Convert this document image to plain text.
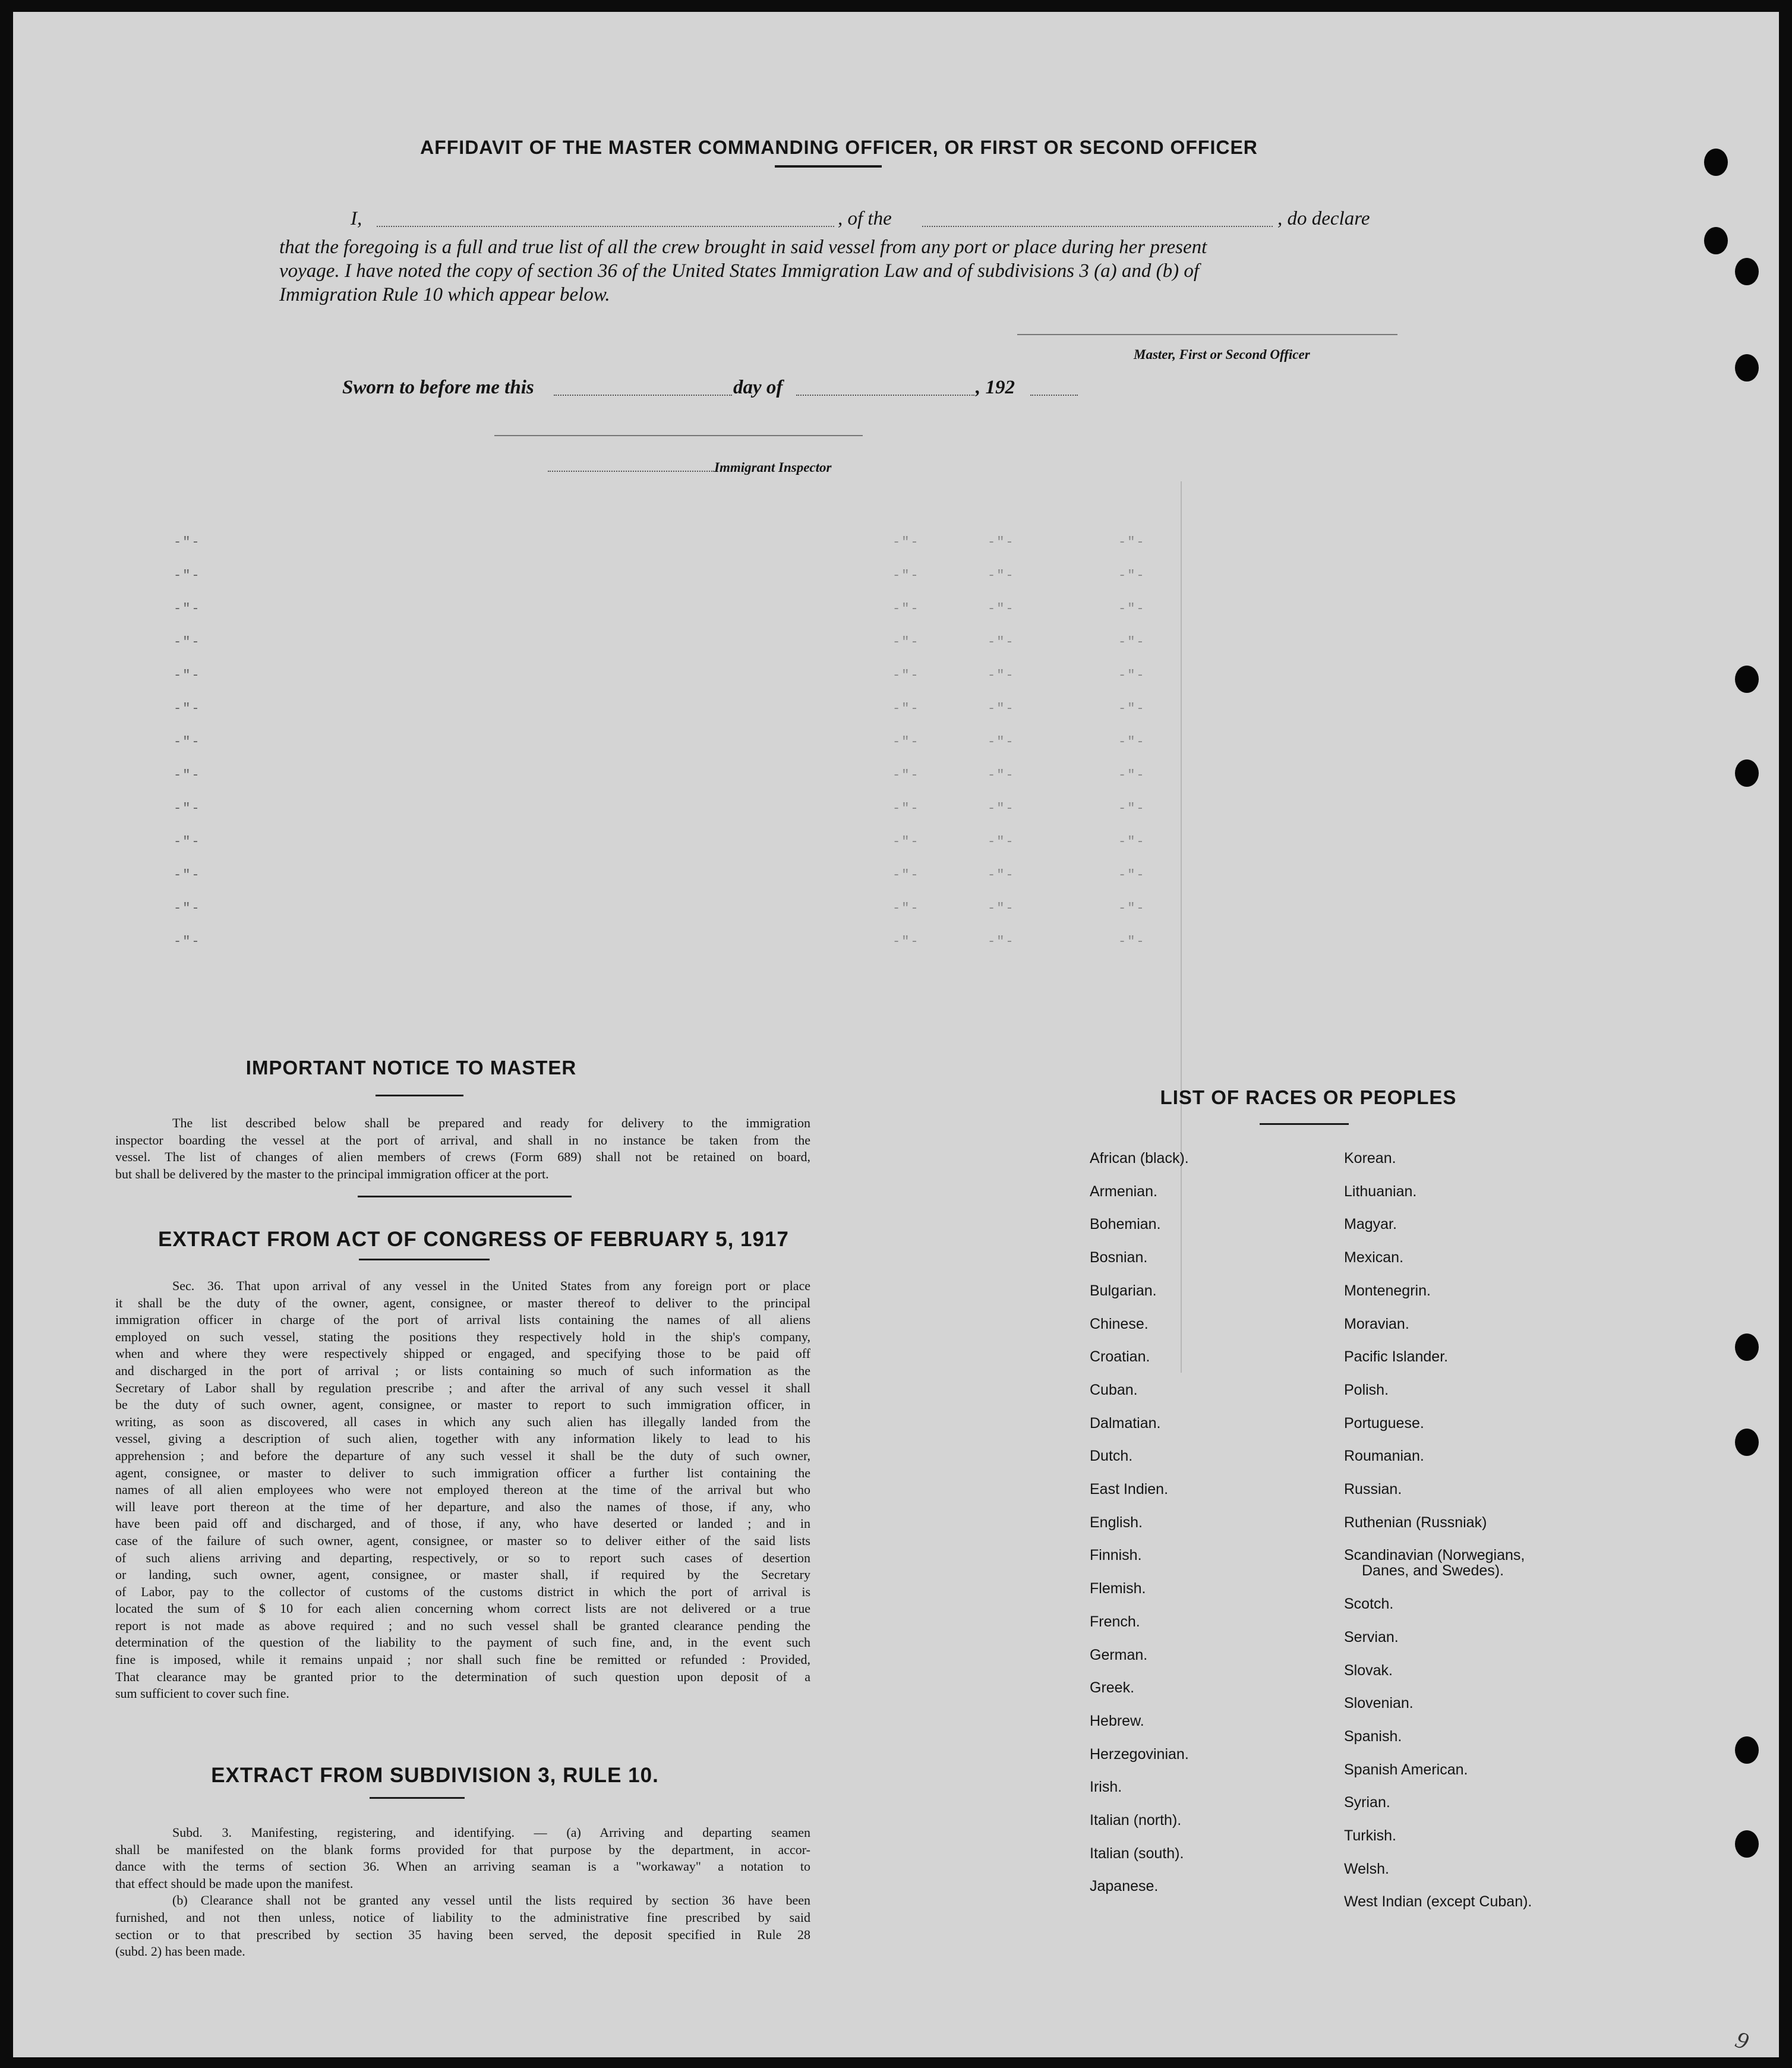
-"-	-"-	-"-	-"-
-"-	-"-	-"-	-"-
-"-	-"-	-"-	-"-
-"-	-"-	-"-	-"-
-"-	-"-	-"-	-"-
-"-	-"-	-"-	-"-
-"-	-"-	-"-	-"-
-"-	-"-	-"-	-"-
-"-	-"-	-"-	-"-
-"-	-"-	-"-	-"-
-"-	-"-	-"-	-"-
-"-	-"-	-"-	-"-
-"-	-"-	-"-	-"-
AFFIDAVIT OF THE MASTER COMMANDING OFFICER, OR FIRST OR SECOND OFFICER
I,	, of the	, do declare
that the foregoing is a full and true list of all the crew brought in said vessel from any port or place during her present
voyage. I have noted the copy of section 36 of the United States Immigration Law and of subdivisions 3 (a) and (b) of
Immigration Rule 10 which appear below.
Master, First or Second Officer
Sworn to before me this	day of	, 192
Immigrant Inspector
IMPORTANT NOTICE TO MASTER
The list described below shall be prepared and ready for delivery to the immigration
inspector boarding the vessel at the port of arrival, and shall in no instance be taken from the
vessel. The list of changes of alien members of crews (Form 689) shall not be retained on board,
but shall be delivered by the master to the principal immigration officer at the port.
EXTRACT FROM ACT OF CONGRESS OF FEBRUARY 5, 1917
Sec. 36. That upon arrival of any vessel in the United States from any foreign port or place
it shall be the duty of the owner, agent, consignee, or master thereof to deliver to the principal
immigration officer in charge of the port of arrival lists containing the names of all aliens
employed on such vessel, stating the positions they respectively hold in the ship's company,
when and where they were respectively shipped or engaged, and specifying those to be paid off
and discharged in the port of arrival ; or lists containing so much of such information as the
Secretary of Labor shall by regulation prescribe ; and after the arrival of any such vessel it shall
be the duty of such owner, agent, consignee, or master to report to such immigration officer, in
writing, as soon as discovered, all cases in which any such alien has illegally landed from the
vessel, giving a description of such alien, together with any information likely to lead to his
apprehension ; and before the departure of any such vessel it shall be the duty of such owner,
agent, consignee, or master to deliver to such immigration officer a further list containing the
names of all alien employees who were not employed thereon at the time of the arrival but who
will leave port thereon at the time of her departure, and also the names of those, if any, who
have been paid off and discharged, and of those, if any, who have deserted or landed ; and in
case of the failure of such owner, agent, consignee, or master so to deliver either of the said lists
of such aliens arriving and departing, respectively, or so to report such cases of desertion
or landing, such owner, agent, consignee, or master shall, if required by the Secretary
of Labor, pay to the collector of customs of the customs district in which the port of arrival is
located the sum of $ 10 for each alien concerning whom correct lists are not delivered or a true
report is not made as above required ; and no such vessel shall be granted clearance pending the
determination of the question of the liability to the payment of such fine, and, in the event such
fine is imposed, while it remains unpaid ; nor shall such fine be remitted or refunded : Provided,
That clearance may be granted prior to the determination of such question upon deposit of a
sum sufficient to cover such fine.
EXTRACT FROM SUBDIVISION 3, RULE 10.
Subd. 3. Manifesting, registering, and identifying. — (a) Arriving and departing seamen
shall be manifested on the blank forms provided for that purpose by the department, in accor-
dance with the terms of section 36. When an arriving seaman is a "workaway" a notation to
that effect should be made upon the manifest.
(b) Clearance shall not be granted any vessel until the lists required by section 36 have been
furnished, and not then unless, notice of liability to the administrative fine prescribed by said
section or to that prescribed by section 35 having been served, the deposit specified in Rule 28
(subd. 2) has been made.
LIST OF RACES OR PEOPLES
African (black).
Armenian.
Bohemian.
Bosnian.
Bulgarian.
Chinese.
Croatian.
Cuban.
Dalmatian.
Dutch.
East Indien.
English.
Finnish.
Flemish.
French.
German.
Greek.
Hebrew.
Herzegovinian.
Irish.
Italian (north).
Italian (south).
Japanese.
Korean.
Lithuanian.
Magyar.
Mexican.
Montenegrin.
Moravian.
Pacific Islander.
Polish.
Portuguese.
Roumanian.
Russian.
Ruthenian (Russniak)
Scandinavian (Norwegians,
Danes, and Swedes).
Scotch.
Servian.
Slovak.
Slovenian.
Spanish.
Spanish American.
Syrian.
Turkish.
Welsh.
West Indian (except Cuban).
9
